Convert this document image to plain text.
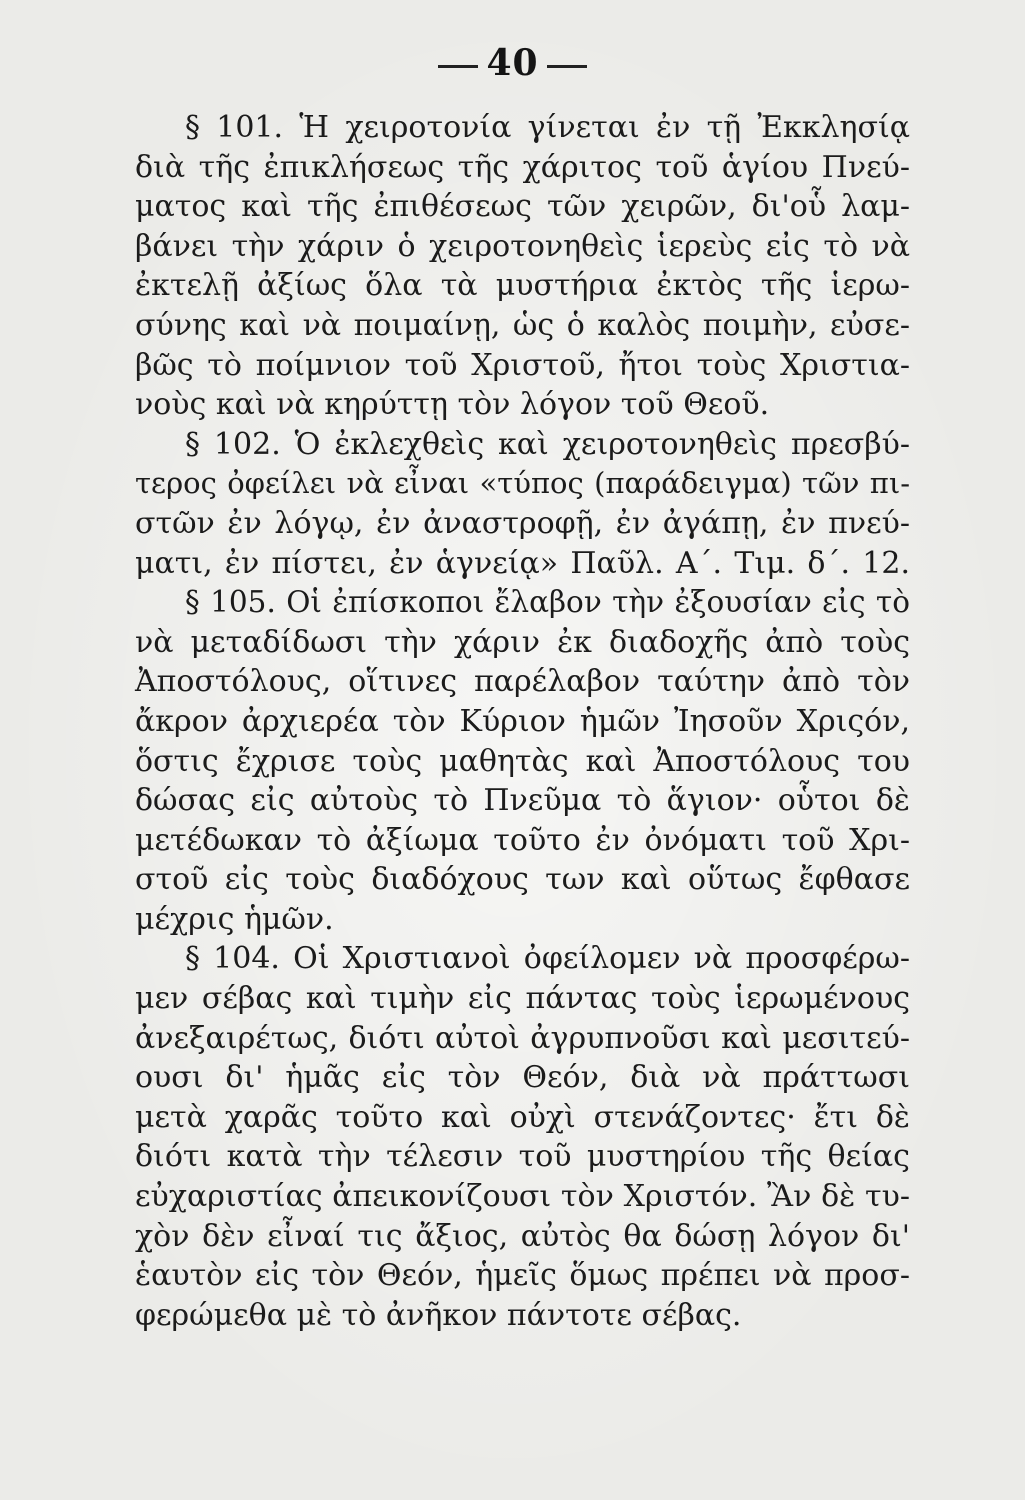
40
§ 101. Ἡ χειροτονία γίνεται ἐν τῇ Ἐκκλησίᾳ
διὰ τῆς ἐπικλήσεως τῆς χάριτος τοῦ ἁγίου Πνεύ-
ματος καὶ τῆς ἐπιθέσεως τῶν χειρῶν, δι'οὗ λαμ-
βάνει τὴν χάριν ὁ χειροτονηθεὶς ἱερεὺς εἰς τὸ νὰ
ἐκτελῇ ἀξίως ὅλα τὰ μυστήρια ἐκτὸς τῆς ἱερω-
σύνης καὶ νὰ ποιμαίνῃ, ὡς ὁ καλὸς ποιμὴν, εὐσε-
βῶς τὸ ποίμνιον τοῦ Χριστοῦ, ἤτοι τοὺς Χριστια-
νοὺς καὶ νὰ κηρύττῃ τὸν λόγον τοῦ Θεοῦ.
§ 102. Ὁ ἐκλεχθεὶς καὶ χειροτονηθεὶς πρεσβύ-
τερος ὀφείλει νὰ εἶναι «τύπος (παράδειγμα) τῶν πι-
στῶν ἐν λόγῳ, ἐν ἀναστροφῇ, ἐν ἀγάπῃ, ἐν πνεύ-
ματι, ἐν πίστει, ἐν ἁγνείᾳ» Παῦλ. Α΄. Τιμ. δ΄. 12.
§ 105. Οἱ ἐπίσκοποι ἔλαβον τὴν ἐξουσίαν εἰς τὸ
νὰ μεταδίδωσι τὴν χάριν ἐκ διαδοχῆς ἀπὸ τοὺς
Ἀποστόλους, οἵτινες παρέλαβον ταύτην ἀπὸ τὸν
ἄκρον ἀρχιερέα τὸν Κύριον ἡμῶν Ἰησοῦν Χριςόν,
ὅστις ἔχρισε τοὺς μαθητὰς καὶ Ἀποστόλους του
δώσας εἰς αὐτοὺς τὸ Πνεῦμα τὸ ἅγιον· οὗτοι δὲ
μετέδωκαν τὸ ἀξίωμα τοῦτο ἐν ὀνόματι τοῦ Χρι-
στοῦ εἰς τοὺς διαδόχους των καὶ οὕτως ἔφθασε
μέχρις ἡμῶν.
§ 104. Οἱ Χριστιανοὶ ὀφείλομεν νὰ προσφέρω-
μεν σέβας καὶ τιμὴν εἰς πάντας τοὺς ἱερωμένους
ἀνεξαιρέτως, διότι αὐτοὶ ἀγρυπνοῦσι καὶ μεσιτεύ-
ουσι δι' ἡμᾶς εἰς τὸν Θεόν, διὰ νὰ πράττωσι
μετὰ χαρᾶς τοῦτο καὶ οὐχὶ στενάζοντες· ἔτι δὲ
διότι κατὰ τὴν τέλεσιν τοῦ μυστηρίου τῆς θείας
εὐχαριστίας ἀπεικονίζουσι τὸν Χριστόν. Ἂν δὲ τυ-
χὸν δὲν εἶναί τις ἄξιος, αὐτὸς θα δώσῃ λόγον δι'
ἑαυτὸν εἰς τὸν Θεόν, ἡμεῖς ὅμως πρέπει νὰ προσ-
φερώμεθα μὲ τὸ ἀνῆκον πάντοτε σέβας.
